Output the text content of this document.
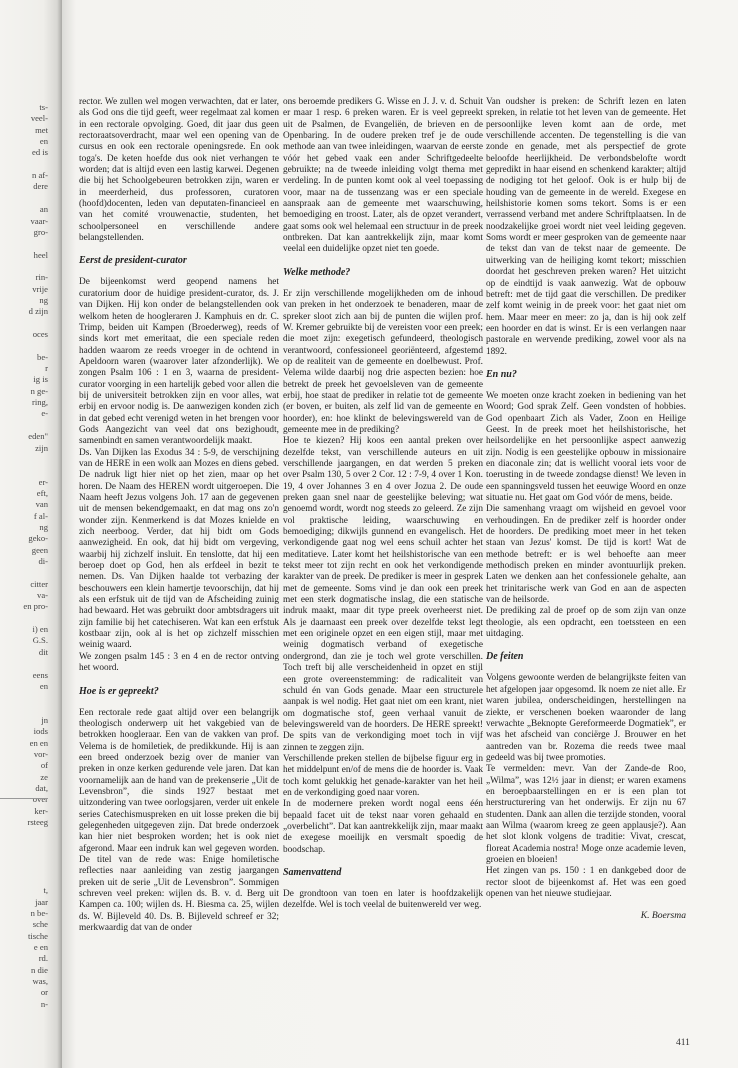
ts-
veel-
met
en
ed is
n af-
dere
an
vaar-
gro-
heel
rin-
vrije
ng
d zijn
oces
be-
r
ig is
n ge-
ring,
e-
eden"
zijn
er-
eft,
van
f al-
ng
geko-
geen
di-
citter
va-
en pro-
i) en
G.S.
dit
eens
en
jn
iods
en en
vor-
of
ze
dat,
over
ker-
rsteeg
t,
jaar
n be-
sche
tische
e en
rd.
n die
was,
or
n-

rector. We zullen wel mogen verwachten, dat er later, als God ons die tijd geeft, weer regelmaat zal komen in een rectorale opvolging. Goed, dit jaar dus geen rectoraatsoverdracht, maar wel een opening van de cursus en ook een rectorale openingsrede. En ook toga's. De keten hoefde dus ook niet verhangen te worden; dat is altijd even een lastig karwei. Degenen die bij het Schoolgebeuren betrokken zijn, waren er in meerderheid, dus professoren, curatoren (hoofd)docenten, leden van deputaten-financieel en van het comité vrouwenactie, studenten, het schoolpersoneel en verschillende andere belangstellenden.

Eerst de president-curator

De bijeenkomst werd geopend namens het curatorium door de huidige president-curator, ds. J. van Dijken. Hij kon onder de belangstellenden ook welkom heten de hoogleraren J. Kamphuis en dr. C. Trimp, beiden uit Kampen (Broederweg), reeds of sinds kort met emeritaat, die een speciale reden hadden waarom ze reeds vroeger in de ochtend in Apeldoorn waren (waarover later afzonderlijk). We zongen Psalm 106 : 1 en 3, waarna de president-curator voorging in een hartelijk gebed voor allen die bij de universiteit betrokken zijn en voor alles, wat erbij en ervoor nodig is. De aanwezigen konden zich in dat gebed echt verenigd weten in het brengen voor Gods Aangezicht van veel dat ons bezighoudt, samenbindt en samen verantwoordelijk maakt.

Ds. Van Dijken las Exodus 34 : 5-9, de verschijning van de HERE in een wolk aan Mozes en diens gebed. De nadruk ligt hier niet op het zien, maar op het horen. De Naam des HEREN wordt uitgeroepen. Die Naam heeft Jezus volgens Joh. 17 aan de gegevenen uit de mensen bekendgemaakt, en dat mag ons zo'n wonder zijn. Kenmerkend is dat Mozes knielde en zich neerboog. Verder, dat hij bidt om Gods aanwezigheid. En ook, dat hij bidt om vergeving, waarbij hij zichzelf insluit. En tenslotte, dat hij een beroep doet op God, hen als erfdeel in bezit te nemen. Ds. Van Dijken haalde tot verbazing der beschouwers een klein hamertje tevoorschijn, dat hij als een erfstuk uit de tijd van de Afscheiding zuinig had bewaard. Het was gebruikt door ambtsdragers uit zijn familie bij het catechiseren. Wat kan een erfstuk kostbaar zijn, ook al is het op zichzelf misschien weinig waard.

We zongen psalm 145 : 3 en 4 en de rector ontving het woord.

Hoe is er gepreekt?

Een rectorale rede gaat altijd over een belangrijk theologisch onderwerp uit het vakgebied van de betrokken hoogleraar. Een van de vakken van prof. Velema is de homiletiek, de predikkunde. Hij is aan een breed onderzoek bezig over de manier van preken in onze kerken gedurende vele jaren. Dat kan voornamelijk aan de hand van de prekenserie „Uit de Levensbron”, die sinds 1927 bestaat met uitzondering van twee oorlogsjaren, verder uit enkele series Catechismuspreken en uit losse preken die bij gelegenheden uitgegeven zijn. Dat brede onderzoek kan hier niet besproken worden; het is ook niet afgerond. Maar een indruk kan wel gegeven worden. De titel van de rede was: Enige homiletische reflecties naar aanleiding van zestig jaargangen preken uit de serie „Uit de Levensbron”. Sommigen schreven veel preken: wijlen ds. B. v. d. Berg uit Kampen ca. 100; wijlen ds. H. Biesma ca. 25, wijlen ds. W. Bijleveld 40. Ds. B. Bijleveld schreef er 32; merkwaardig dat van de onder

ons beroemde predikers G. Wisse en J. J. v. d. Schuit er maar 1 resp. 6 preken waren. Er is veel gepreekt uit de Psalmen, de Evangeliën, de brieven en de Openbaring. In de oudere preken tref je de oude methode aan van twee inleidingen, waarvan de eerste vóór het gebed vaak een ander Schriftgedeelte gebruikte; na de tweede inleiding volgt thema met verdeling. In de punten komt ook al veel toepassing voor, maar na de tussenzang was er een speciale aanspraak aan de gemeente met waarschuwing, bemoediging en troost. Later, als de opzet verandert, gaat soms ook wel helemaal een structuur in de preek ontbreken. Dat kan aantrekkelijk zijn, maar komt veelal een duidelijke opzet niet ten goede.

Welke methode?

Er zijn verschillende mogelijkheden om de inhoud van preken in het onderzoek te benaderen, maar de spreker sloot zich aan bij de punten die wijlen prof. W. Kremer gebruikte bij de vereisten voor een preek; die moet zijn: exegetisch gefundeerd, theologisch verantwoord, confessioneel georiënteerd, afgestemd op de realiteit van de gemeente en doelbewust. Prof. Velema wilde daarbij nog drie aspecten bezien: hoe betrekt de preek het gevoelsleven van de gemeente erbij, hoe staat de prediker in relatie tot de gemeente (er boven, er buiten, als zelf lid van de gemeente en hoorder), en: hoe klinkt de belevingswereld van de gemeente mee in de prediking?

Hoe te kiezen? Hij koos een aantal preken over dezelfde tekst, van verschillende auteurs en uit verschillende jaargangen, en dat werden 5 preken over Psalm 130, 5 over 2 Cor. 12 : 7-9, 4 over 1 Kon. 19, 4 over Johannes 3 en 4 over Jozua 2. De oude preken gaan snel naar de geestelijke beleving; wat genoemd wordt, wordt nog steeds zo geleerd. Ze zijn vol praktische leiding, waarschuwing en bemoediging; dikwijls gunnend en evangelisch. Het verkondigende gaat nog wel eens schuil achter het meditatieve. Later komt het heilshistorische van een tekst meer tot zijn recht en ook het verkondigende karakter van de preek. De prediker is meer in gesprek met de gemeente. Soms vind je dan ook een preek met een sterk dogmatische inslag, die een statische indruk maakt, maar dit type preek overheerst niet. Als je daarnaast een preek over dezelfde tekst legt met een originele opzet en een eigen stijl, maar met weinig dogmatisch verband of exegetische ondergrond, dan zie je toch wel grote verschillen. Toch treft bij alle verscheidenheid in opzet en stijl een grote overeenstemming: de radicaliteit van schuld én van Gods genade. Maar een structurele aanpak is wel nodig. Het gaat niet om een krant, niet om dogmatische stof, geen verhaal vanuit de belevingswereld van de hoorders. De HERE spreekt! De spits van de verkondiging moet toch in vijf zinnen te zeggen zijn.

Verschillende preken stellen de bijbelse figuur erg in het middelpunt en/of de mens die de hoorder is. Vaak toch komt gelukkig het genade-karakter van het heil en de verkondiging goed naar voren.

In de modernere preken wordt nogal eens één bepaald facet uit de tekst naar voren gehaald en „overbelicht”. Dat kan aantrekkelijk zijn, maar maakt de exegese moeilijk en versmalt spoedig de boodschap.

Samenvattend

De grondtoon van toen en later is hoofdzakelijk dezelfde. Wel is toch veelal de buitenwereld ver weg.

Van oudsher is preken: de Schrift lezen en laten spreken, in relatie tot het leven van de gemeente. Het persoonlijke leven komt aan de orde, met verschillende accenten. De tegenstelling is die van zonde en genade, met als perspectief de grote beloofde heerlijkheid. De verbondsbelofte wordt gepredikt in haar eisend en schenkend karakter; altijd de nodiging tot het geloof. Ook is er hulp bij de houding van de gemeente in de wereld. Exegese en heilshistorie komen soms tekort. Soms is er een verrassend verband met andere Schriftplaatsen. In de noodzakelijke groei wordt niet veel leiding gegeven. Soms wordt er meer gesproken van de gemeente naar de tekst dan van de tekst naar de gemeente. De uitwerking van de heiliging komt tekort; misschien doordat het geschreven preken waren? Het uitzicht op de eindtijd is vaak aanwezig. Wat de opbouw betreft: met de tijd gaat die verschillen. De prediker zelf komt weinig in de preek voor: het gaat niet om hem. Maar meer en meer: zo ja, dan is hij ook zelf een hoorder en dat is winst. Er is een verlangen naar pastorale en wervende prediking, zowel voor als na 1892.

En nu?

We moeten onze kracht zoeken in bediening van het Woord; God sprak Zelf. Geen vondsten of hobbies. God openbaart Zich als Vader, Zoon en Heilige Geest. In de preek moet het heilshistorische, het heilsordelijke en het persoonlijke aspect aanwezig zijn. Nodig is een geestelijke opbouw in missionaire en diaconale zin; dat is wellicht vooral iets voor de toerusting in de tweede zondagse dienst! We leven in een spanningsveld tussen het eeuwige Woord en onze situatie nu. Het gaat om God vóór de mens, beide.

Die samenhang vraagt om wijsheid en gevoel voor verhoudingen. En de prediker zelf is hoorder onder de hoorders. De prediking moet meer in het teken staan van Jezus' komst. De tijd is kort! Wat de methode betreft: er is wel behoefte aan meer methodisch preken en minder avontuurlijk preken. Laten we denken aan het confessionele gehalte, aan het trinitarische werk van God en aan de aspecten van de heilsorde.

De prediking zal de proef op de som zijn van onze theologie, als een opdracht, een toetssteen en een uitdaging.

De feiten

Volgens gewoonte werden de belangrijkste feiten van het afgelopen jaar opgesomd. Ik noem ze niet alle. Er waren jubilea, onderscheidingen, herstellingen na ziekte, er verschenen boeken waaronder de lang verwachte „Beknopte Gereformeerde Dogmatiek”, er was het afscheid van conciërge J. Brouwer en het aantreden van br. Rozema die reeds twee maal gedeeld was bij twee promoties.

Te vermelden: mevr. Van der Zande-de Roo, „Wilma”, was 12½ jaar in dienst; er waren examens en beroepbaarstellingen en er is een plan tot herstructurering van het onderwijs. Er zijn nu 67 studenten. Dank aan allen die terzijde stonden, vooral aan Wilma (waarom kreeg ze geen applausje?). Aan het slot klonk volgens de traditie: Vivat, crescat, floreat Academia nostra! Moge onze academie leven, groeien en bloeien!

Het zingen van ps. 150 : 1 en dankgebed door de rector sloot de bijeenkomst af. Het was een goed openen van het nieuwe studiejaar.

K. Boersma
411
